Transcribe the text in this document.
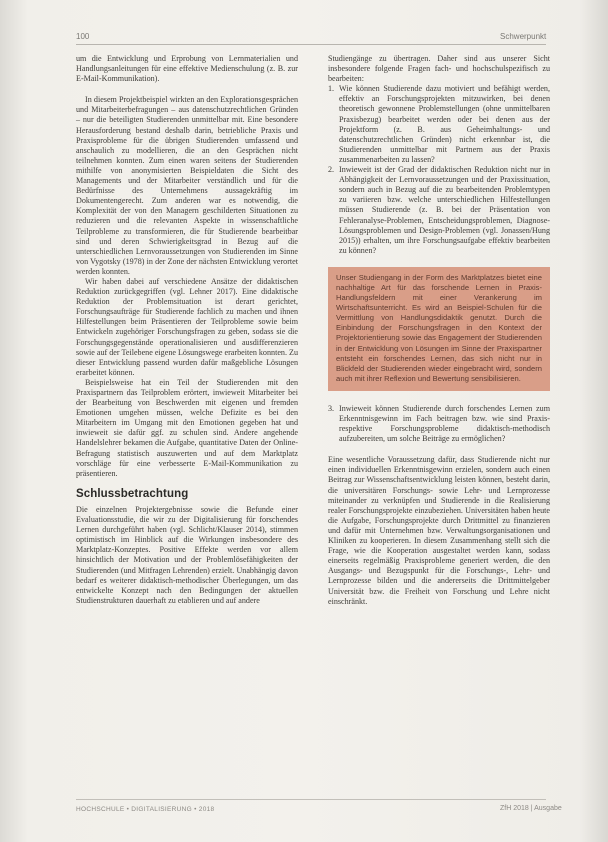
100	Schwerpunkt

um die Entwicklung und Erprobung von Lernmaterialien und Handlungsanleitungen für eine effektive Medienschulung (z. B. zur E-Mail-Kommunikation).

In diesem Projektbeispiel wirkten an den Explorationsgesprächen und Mitarbeiterbefragungen – aus datenschutzrechtlichen Gründen – nur die beteiligten Studierenden unmittelbar mit. Eine besondere Herausforderung bestand deshalb darin, betriebliche Praxis und Praxisprobleme für die übrigen Studierenden umfassend und anschaulich zu modellieren, die an den Gesprächen nicht teilnehmen konnten. Zum einen waren seitens der Studierenden mithilfe von anonymisierten Beispieldaten die Sicht des Managements und der Mitarbeiter verständlich und für die Bedürfnisse des Unternehmens aussagekräftig im Dokumentengerecht. Zum anderen war es notwendig, die Komplexität der von den Managern geschilderten Situationen zu reduzieren und die relevanten Aspekte in wissenschaftliche Teilprobleme zu transformieren, die für Studierende bearbeitbar sind und deren Schwierigkeitsgrad in Bezug auf die unterschiedlichen Lernvoraussetzungen von Studierenden im Sinne von Vygotsky (1978) in der Zone der nächsten Entwicklung verortet werden konnten.

Wir haben dabei auf verschiedene Ansätze der didaktischen Reduktion zurückgegriffen (vgl. Lehner 2017). Eine didaktische Reduktion der Problemsituation ist derart gerichtet, Forschungsaufträge für Studierende fachlich zu machen und ihnen Hilfestellungen beim Präsentieren der Teilprobleme sowie beim Entwickeln zugehöriger Forschungsfragen zu geben, sodass sie die Forschungsgegenstände operationalisieren und ausdifferenzieren sowie auf der Teilebene eigene Lösungswege erarbeiten konnten. Zu dieser Entwicklung passend wurden dafür maßgebliche Lösungen erarbeitet können.

Beispielsweise hat ein Teil der Studierenden mit den Praxispartnern das Teilproblem erörtert, inwieweit Mitarbeiter bei der Bearbeitung von Beschwerden mit eigenen und fremden Emotionen umgehen müssen, welche Defizite es bei den Mitarbeitern im Umgang mit den Emotionen gegeben hat und inwieweit sie dafür ggf. zu schulen sind. Andere angehende Handelslehrer bekamen die Aufgabe, quantitative Daten der Online-Befragung statistisch auszuwerten und auf dem Marktplatz vorschläge für eine verbesserte E-Mail-Kommunikation zu präsentieren.

Schlussbetrachtung

Die einzelnen Projektergebnisse sowie die Befunde einer Evaluationsstudie, die wir zu der Digitalisierung für forschendes Lernen durchgeführt haben (vgl. Schlicht/Klauser 2014), stimmen optimistisch im Hinblick auf die Wirkungen insbesondere des Marktplatz-Konzeptes. Positive Effekte werden vor allem hinsichtlich der Motivation und der Problemlösefähigkeiten der Studierenden (und Mitfragen Lehrenden) erzielt. Unabhängig davon bedarf es weiterer didaktisch-methodischer Überlegungen, um das entwickelte Konzept nach den Bedingungen der aktuellen Studienstrukturen dauerhaft zu etablieren und auf andere

Studiengänge zu übertragen. Daher sind aus unserer Sicht insbesondere folgende Fragen fach- und hochschulspezifisch zu bearbeiten:

1. Wie können Studierende dazu motiviert und befähigt werden, effektiv an Forschungsprojekten mitzuwirken, bei denen theoretisch gewonnene Problemstellungen (ohne unmittelbaren Praxisbezug) bearbeitet werden oder bei denen aus der Projektform (z. B. aus Geheimhaltungs- und datenschutzrechtlichen Gründen) nicht erkennbar ist, die Studierenden unmittelbar mit Partnern aus der Praxis zusammenarbeiten zu lassen?
2. Inwieweit ist der Grad der didaktischen Reduktion nicht nur in Abhängigkeit der Lernvoraussetzungen und der Praxissituation, sondern auch in Bezug auf die zu bearbeitenden Problemtypen zu variieren bzw. welche unterschiedlichen Hilfestellungen müssen Studierende (z. B. bei der Präsentation von Fehleranalyse-Problemen, Entscheidungsproblemen, Diagnose-Lösungsproblemen und Design-Problemen (vgl. Jonassen/Hung 2015)) erhalten, um ihre Forschungsaufgabe effektiv bearbeiten zu können?
Unser Studiengang in der Form des Marktplatzes bietet eine nachhaltige Art für das forschende Lernen in Praxis-Handlungsfeldern mit einer Verankerung im Wirtschaftsunterricht. Es wird an Beispiel-Schulen für die Vermittlung von Handlungsdidaktik genutzt. Durch die Einbindung der Forschungsfragen in den Kontext der Projektorientierung sowie das Engagement der Studierenden in der Entwicklung von Lösungen im Sinne der Praxispartner entsteht ein forschendes Lernen, das sich nicht nur in Blickfeld der Studierenden wieder eingebracht wird, sondern auch mit ihrer Reflexion und Bewertung sensibilisieren.
3. Inwieweit können Studierende durch forschendes Lernen zum Erkenntnisgewinn im Fach beitragen bzw. wie sind Praxis- respektive Forschungsprobleme didaktisch-methodisch aufzubereiten, um solche Beiträge zu ermöglichen?

Eine wesentliche Voraussetzung dafür, dass Studierende nicht nur einen individuellen Erkenntnisgewinn erzielen, sondern auch einen Beitrag zur Wissenschaftsentwicklung leisten können, besteht darin, die universitären Forschungs- sowie Lehr- und Lernprozesse miteinander zu verknüpfen und Studierende in die Realisierung realer Forschungsprojekte einzubeziehen. Universitäten haben heute die Aufgabe, Forschungsprojekte durch Drittmittel zu finanzieren und dafür mit Unternehmen bzw. Verwaltungsorganisationen und Kliniken zu kooperieren. In diesem Zusammenhang stellt sich die Frage, wie die Kooperation ausgestaltet werden kann, sodass einerseits regelmäßig Praxisprobleme generiert werden, die den Ausgangs- und Bezugspunkt für die Forschungs-, Lehr- und Lernprozesse bilden und die andererseits die Drittmittelgeber Universität bzw. die Freiheit von Forschung und Lehre nicht einschränkt.

HOCHSCHULE • DIGITALISIERUNG • 2018	ZfH 2018 | Ausgabe
